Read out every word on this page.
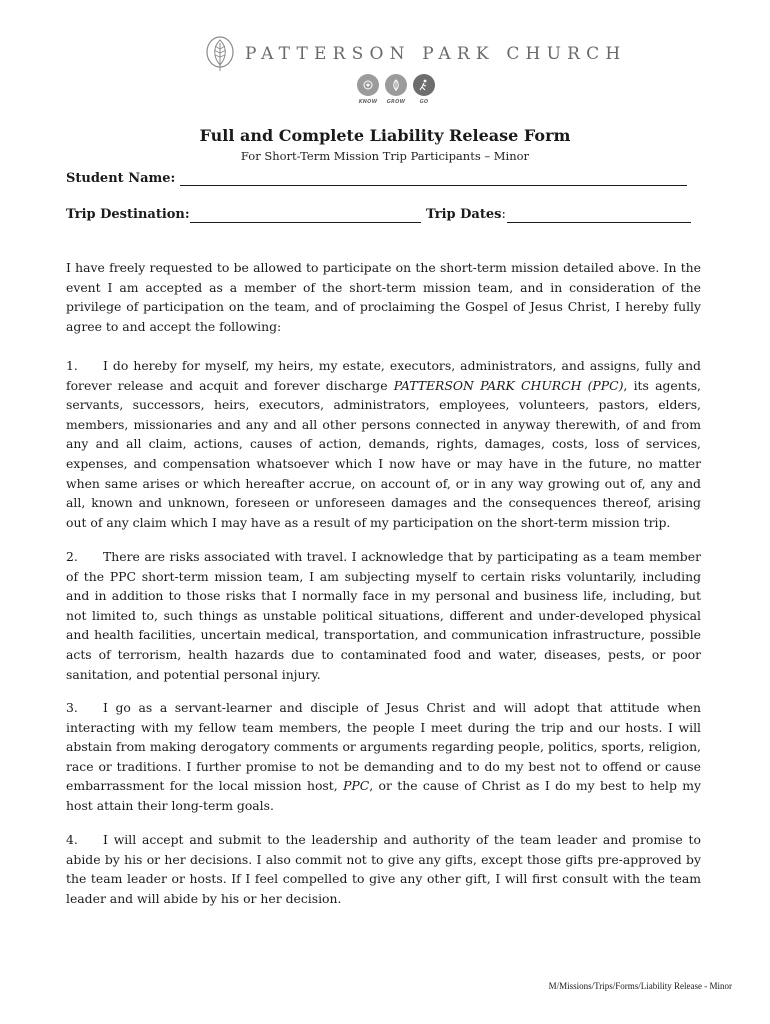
PATTERSON PARK CHURCH
KNOW GROW	GO
Full and Complete Liability Release Form
For Short-Term Mission Trip Participants – Minor
Student Name:
Trip Destination:	Trip Dates:

I have freely requested to be allowed to participate on the short-term mission detailed above. In the event I am accepted as a member of the short-term mission team, and in consideration of the privilege of participation on the team, and of proclaiming the Gospel of Jesus Christ, I hereby fully agree to and accept the following:

1. I do hereby for myself, my heirs, my estate, executors, administrators, and assigns, fully and forever release and acquit and forever discharge PATTERSON PARK CHURCH (PPC), its agents, servants, successors, heirs, executors, administrators, employees, volunteers, pastors, elders, members, missionaries and any and all other persons connected in anyway therewith, of and from any and all claim, actions, causes of action, demands, rights, damages, costs, loss of services, expenses, and compensation whatsoever which I now have or may have in the future, no matter when same arises or which hereafter accrue, on account of, or in any way growing out of, any and all, known and unknown, foreseen or unforeseen damages and the consequences thereof, arising out of any claim which I may have as a result of my participation on the short-term mission trip.

2. There are risks associated with travel. I acknowledge that by participating as a team member of the PPC short-term mission team, I am subjecting myself to certain risks voluntarily, including and in addition to those risks that I normally face in my personal and business life, including, but not limited to, such things as unstable political situations, different and under-developed physical and health facilities, uncertain medical, transportation, and communication infrastructure, possible acts of terrorism, health hazards due to contaminated food and water, diseases, pests, or poor sanitation, and potential personal injury.

3. I go as a servant-learner and disciple of Jesus Christ and will adopt that attitude when interacting with my fellow team members, the people I meet during the trip and our hosts. I will abstain from making derogatory comments or arguments regarding people, politics, sports, religion, race or traditions. I further promise to not be demanding and to do my best not to offend or cause embarrassment for the local mission host, PPC, or the cause of Christ as I do my best to help my host attain their long-term goals.

4. I will accept and submit to the leadership and authority of the team leader and promise to abide by his or her decisions. I also commit not to give any gifts, except those gifts pre-approved by the team leader or hosts. If I feel compelled to give any other gift, I will first consult with the team leader and will abide by his or her decision.

M/Missions/Trips/Forms/Liability Release - Minor
